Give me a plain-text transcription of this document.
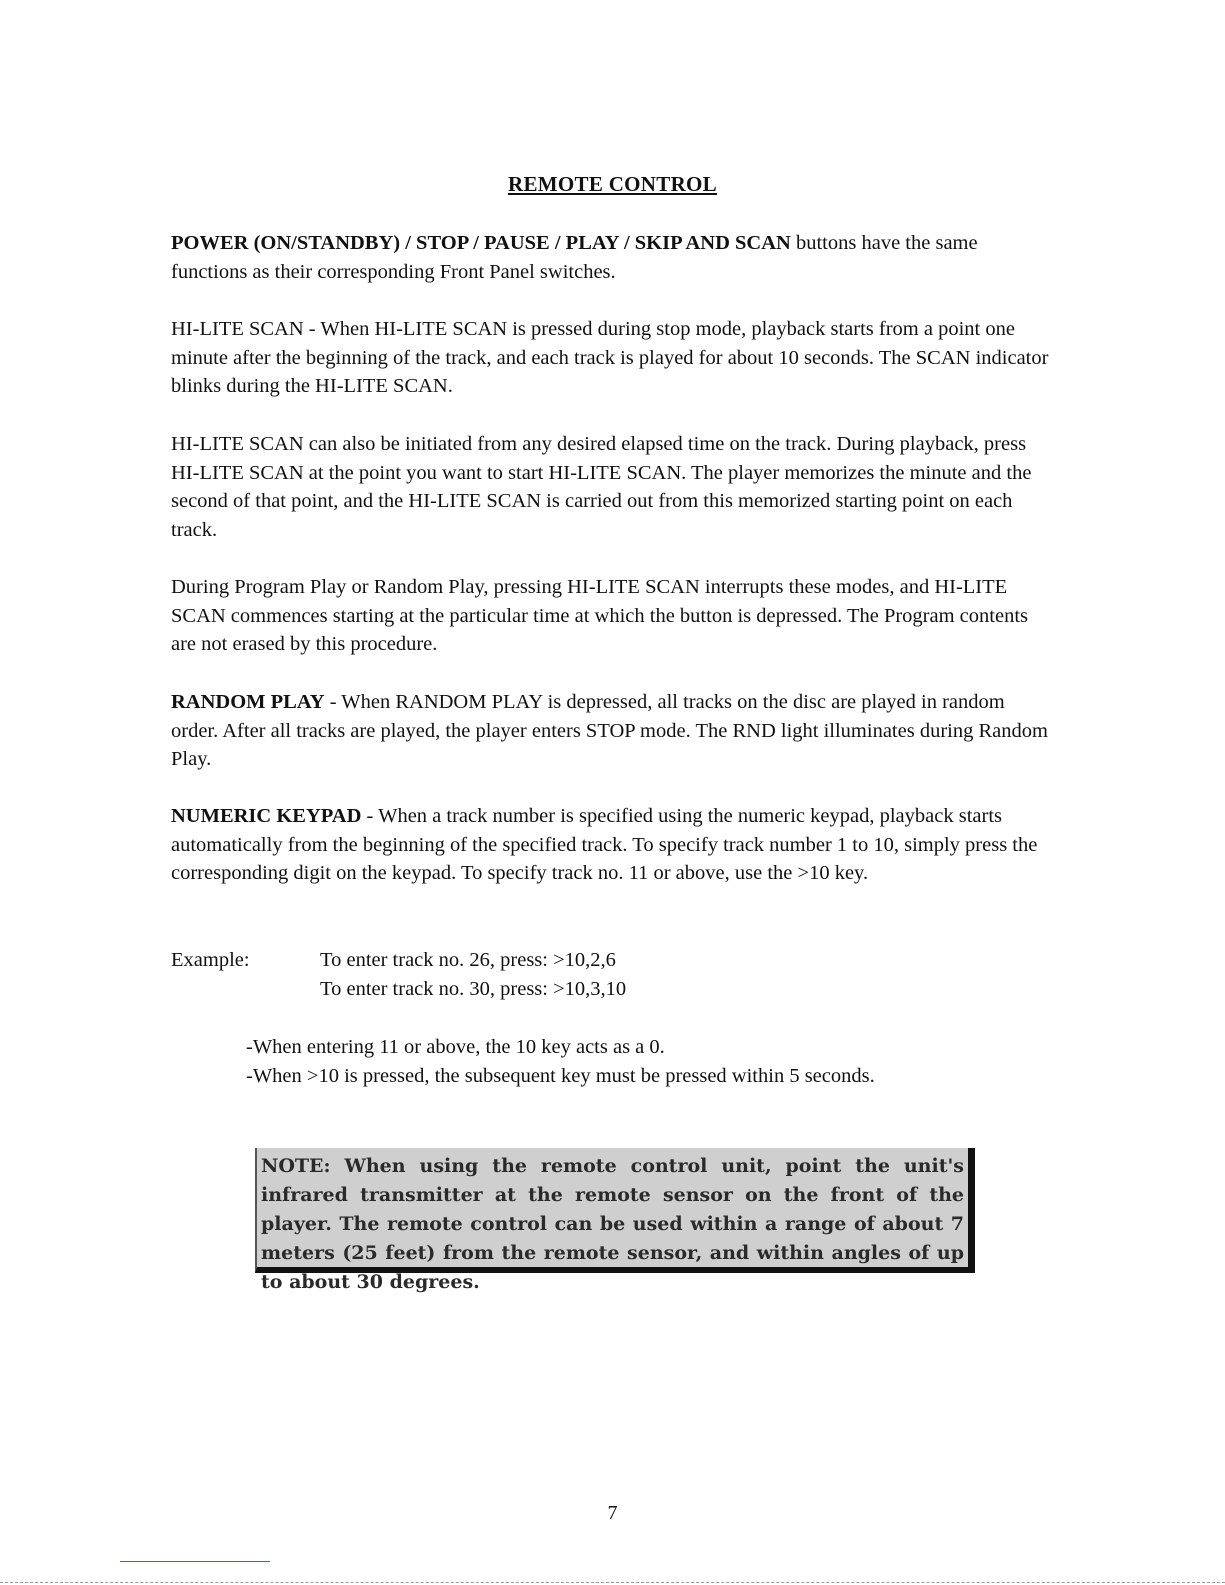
REMOTE CONTROL

POWER (ON/STANDBY) / STOP / PAUSE / PLAY / SKIP AND SCAN buttons have the same functions as their corresponding Front Panel switches.

HI-LITE SCAN - When HI-LITE SCAN is pressed during stop mode, playback starts from a point one minute after the beginning of the track, and each track is played for about 10 seconds. The SCAN indicator blinks during the HI-LITE SCAN.

HI-LITE SCAN can also be initiated from any desired elapsed time on the track. During playback, press HI-LITE SCAN at the point you want to start HI-LITE SCAN. The player memorizes the minute and the second of that point, and the HI-LITE SCAN is carried out from this memorized starting point on each track.

During Program Play or Random Play, pressing HI-LITE SCAN interrupts these modes, and HI-LITE SCAN commences starting at the particular time at which the button is depressed. The Program contents are not erased by this procedure.

RANDOM PLAY - When RANDOM PLAY is depressed, all tracks on the disc are played in random order. After all tracks are played, the player enters STOP mode. The RND light illuminates during Random Play.

NUMERIC KEYPAD - When a track number is specified using the numeric keypad, playback starts automatically from the beginning of the specified track. To specify track number 1 to 10, simply press the corresponding digit on the keypad. To specify track no. 11 or above, use the >10 key.

Example:	To enter track no. 26, press: >10,2,6
To enter track no. 30, press: >10,3,10
-When entering 11 or above, the 10 key acts as a 0.
-When >10 is pressed, the subsequent key must be pressed within 5 seconds.
NOTE: When using the remote control unit, point the unit's infrared transmitter at the remote sensor on the front of the player. The remote control can be used within a range of about 7 meters (25 feet) from the remote sensor, and within angles of up to about 30 degrees.
7
